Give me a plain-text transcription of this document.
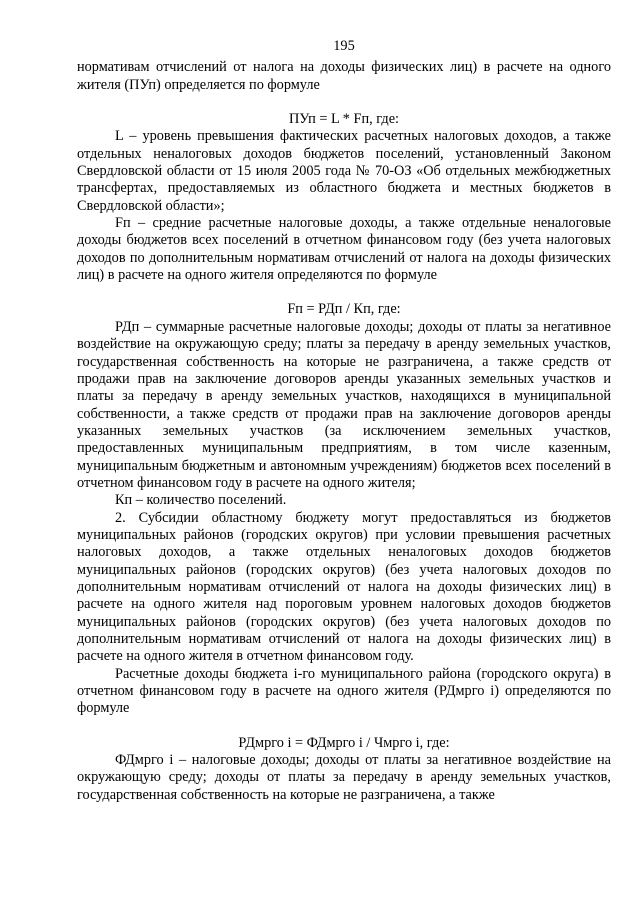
195

нормативам отчислений от налога на доходы физических лиц) в расчете на одного жителя (ПУп) определяется по формуле

ПУп = L * Fп, где:

L – уровень превышения фактических расчетных налоговых доходов, а также отдельных неналоговых доходов бюджетов поселений, установленный Законом Свердловской области от 15 июля 2005 года № 70-ОЗ «Об отдельных межбюджетных трансфертах, предоставляемых из областного бюджета и местных бюджетов в Свердловской области»;

Fп – средние расчетные налоговые доходы, а также отдельные неналоговые доходы бюджетов всех поселений в отчетном финансовом году (без учета налоговых доходов по дополнительным нормативам отчислений от налога на доходы физических лиц) в расчете на одного жителя определяются по формуле

Fп = РДп / Кп, где:

РДп – суммарные расчетные налоговые доходы; доходы от платы за негативное воздействие на окружающую среду; платы за передачу в аренду земельных участков, государственная собственность на которые не разграничена, а также средств от продажи прав на заключение договоров аренды указанных земельных участков и платы за передачу в аренду земельных участков, находящихся в муниципальной собственности, а также средств от продажи прав на заключение договоров аренды указанных земельных участков (за исключением земельных участков, предоставленных муниципальным предприятиям, в том числе казенным, муниципальным бюджетным и автономным учреждениям) бюджетов всех поселений в отчетном финансовом году в расчете на одного жителя;

Кп – количество поселений.

2. Субсидии областному бюджету могут предоставляться из бюджетов муниципальных районов (городских округов) при условии превышения расчетных налоговых доходов, а также отдельных неналоговых доходов бюджетов муниципальных районов (городских округов) (без учета налоговых доходов по дополнительным нормативам отчислений от налога на доходы физических лиц) в расчете на одного жителя над пороговым уровнем налоговых доходов бюджетов муниципальных районов (городских округов) (без учета налоговых доходов по дополнительным нормативам отчислений от налога на доходы физических лиц) в расчете на одного жителя в отчетном финансовом году.

Расчетные доходы бюджета i-го муниципального района (городского округа) в отчетном финансовом году в расчете на одного жителя (РДмрго i) определяются по формуле

РДмрго i = ФДмрго i / Чмрго i, где:

ФДмрго i – налоговые доходы; доходы от платы за негативное воздействие на окружающую среду; доходы от платы за передачу в аренду земельных участков, государственная собственность на которые не разграничена, а также
